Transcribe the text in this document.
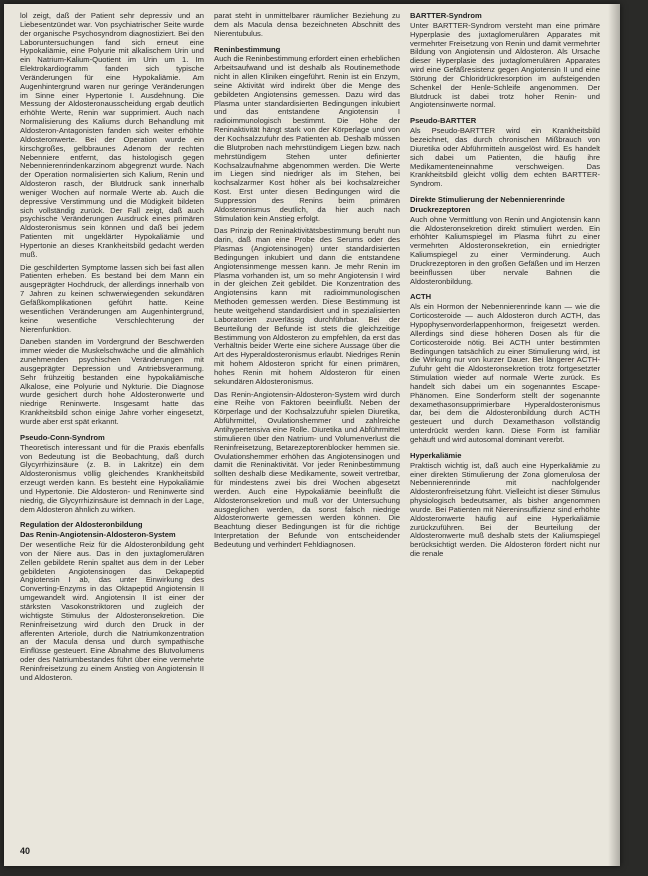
lol zeigt, daß der Patient sehr depressiv und an Liebesentzündet war. Von psychiatrischer Seite wurde der organische Psychosyndrom diagnostiziert. Bei den Laboruntersuchungen fand sich erneut eine Hypokaliämie, eine Polyurie mit alkalischem Urin und ein Natrium-Kalium-Quotient im Urin um 1. Im Elektrokardiogramm fanden sich typische Veränderungen für eine Hypokaliämie. Am Augenhintergrund waren nur geringe Veränderungen im Sinne einer Hypertonie I. Ausdehnung. Die Messung der Aldosteronausscheidung ergab deutlich erhöhte Werte, Renin war supprimiert. Auch nach Normalisierung des Kaliums durch Behandlung mit Aldosteron-Antagonisten fanden sich weiter erhöhte Aldosteronwerte. Bei der Operation wurde ein kirschgroßes, gelbbraunes Adenom der rechten Nebenniere entfernt, das histologisch gegen Nebennierenrindenkarzinom abgegrenzt wurde. Nach der Operation normalisierten sich Kalium, Renin und Aldosteron rasch, der Blutdruck sank innerhalb weniger Wochen auf normale Werte ab. Auch die depressive Verstimmung und die Müdigkeit bildeten sich vollständig zurück. Der Fall zeigt, daß auch psychische Veränderungen Ausdruck eines primären Aldosteronismus sein können und daß bei jedem Patienten mit ungeklärter Hypokaliämie und Hypertonie an dieses Krankheitsbild gedacht werden muß.

Die geschilderten Symptome lassen sich bei fast allen Patienten erheben. Es bestand bei dem Mann ein ausgeprägter Hochdruck, der allerdings innerhalb von 7 Jahren zu keinen schwerwiegenden sekundären Gefäßkomplikationen geführt hatte. Keine wesentlichen Veränderungen am Augenhintergrund, keine wesentliche Verschlechterung der Nierenfunktion.

Daneben standen im Vordergrund der Beschwerden immer wieder die Muskelschwäche und die allmählich zunehmenden psychischen Veränderungen mit ausgeprägter Depression und Antriebsverarmung. Sehr frühzeitig bestanden eine hypokaliämische Alkalose, eine Polyurie und Nykturie. Die Diagnose wurde gesichert durch hohe Aldosteronwerte und niedrige Reninwerte. Insgesamt hatte das Krankheitsbild schon einige Jahre vorher eingesetzt, wurde aber erst spät erkannt.

Pseudo-Conn-Syndrom

Theoretisch interessant und für die Praxis ebenfalls von Bedeutung ist die Beobachtung, daß durch Glycyrrhizinsäure (z. B. in Lakritze) ein dem Aldosteronismus völlig gleichendes Krankheitsbild erzeugt werden kann. Es besteht eine Hypokaliämie und Hypertonie. Die Aldosteron- und Reninwerte sind niedrig, die Glycyrrhizinsäure ist demnach in der Lage, dem Aldosteron ähnlich zu wirken.

Regulation der Aldosteronbildung
Das Renin-Angiotensin-Aldosteron-System

Der wesentliche Reiz für die Aldosteronbildung geht von der Niere aus. Das in den juxtaglomerulären Zellen gebildete Renin spaltet aus dem in der Leber gebildeten Angiotensinogen das Dekapeptid Angiotensin I ab, das unter Einwirkung des Converting-Enzyms in das Oktapeptid Angiotensin II umgewandelt wird. Angiotensin II ist einer der stärksten Vasokonstriktoren und zugleich der wichtigste Stimulus der Aldosteronsekretion. Die Reninfreisetzung wird durch den Druck in der afferenten Arteriole, durch die Natriumkonzentration an der Macula densa und durch sympathische Einflüsse gesteuert. Eine Abnahme des Blutvolumens oder des Natriumbestandes führt über eine vermehrte Reninfreisetzung zu einem Anstieg von Angiotensin II und Aldosteron.

parat steht in unmittelbarer räumlicher Beziehung zu dem als Macula densa bezeichneten Abschnitt des Nierentubulus.

Reninbestimmung

Auch die Reninbestimmung erfordert einen erheblichen Arbeitsaufwand und ist deshalb als Routinemethode nicht in allen Kliniken eingeführt. Renin ist ein Enzym, seine Aktivität wird indirekt über die Menge des gebildeten Angiotensins gemessen. Dazu wird das Plasma unter standardisierten Bedingungen inkubiert und das entstandene Angiotensin I radioimmunologisch bestimmt. Die Höhe der Reninaktivität hängt stark von der Körperlage und von der Kochsalzzufuhr des Patienten ab. Deshalb müssen die Blutproben nach mehrstündigem Liegen bzw. nach mehrstündigem Stehen unter definierter Kochsalzaufnahme abgenommen werden. Die Werte im Liegen sind niedriger als im Stehen, bei kochsalzarmer Kost höher als bei kochsalzreicher Kost. Erst unter diesen Bedingungen wird die Suppression des Renins beim primären Aldosteronismus deutlich, da hier auch nach Stimulation kein Anstieg erfolgt.

Das Prinzip der Reninaktivitätsbestimmung beruht nun darin, daß man eine Probe des Serums oder des Plasmas (Angiotensinogen) unter standardisierten Bedingungen inkubiert und dann die entstandene Angiotensinmenge messen kann. Je mehr Renin im Plasma vorhanden ist, um so mehr Angiotensin I wird in der gleichen Zeit gebildet. Die Konzentration des Angiotensins kann mit radioimmunologischen Methoden gemessen werden. Diese Bestimmung ist heute weitgehend standardisiert und in spezialisierten Laboratorien zuverlässig durchführbar. Bei der Beurteilung der Befunde ist stets die gleichzeitige Bestimmung von Aldosteron zu empfehlen, da erst das Verhältnis beider Werte eine sichere Aussage über die Art des Hyperaldosteronismus erlaubt. Niedriges Renin mit hohem Aldosteron spricht für einen primären, hohes Renin mit hohem Aldosteron für einen sekundären Aldosteronismus.

Das Renin-Angiotensin-Aldosteron-System wird durch eine Reihe von Faktoren beeinflußt. Neben der Körperlage und der Kochsalzzufuhr spielen Diuretika, Abführmittel, Ovulationshemmer und zahlreiche Antihypertensiva eine Rolle. Diuretika und Abführmittel stimulieren über den Natrium- und Volumenverlust die Reninfreisetzung, Betarezeptorenblocker hemmen sie. Ovulationshemmer erhöhen das Angiotensinogen und damit die Reninaktivität. Vor jeder Reninbestimmung sollten deshalb diese Medikamente, soweit vertretbar, für mindestens zwei bis drei Wochen abgesetzt werden. Auch eine Hypokaliämie beeinflußt die Aldosteronsekretion und muß vor der Untersuchung ausgeglichen werden, da sonst falsch niedrige Aldosteronwerte gemessen werden können. Die Beachtung dieser Bedingungen ist für die richtige Interpretation der Befunde von entscheidender Bedeutung und verhindert Fehldiagnosen.

BARTTER-Syndrom

Unter BARTTER-Syndrom versteht man eine primäre Hyperplasie des juxtaglomerulären Apparates mit vermehrter Freisetzung von Renin und damit vermehrter Bildung von Angiotensin und Aldosteron. Als Ursache dieser Hyperplasie des juxtaglomerulären Apparates wird eine Gefäßresistenz gegen Angiotensin II und eine Störung der Chloridrückresorption im aufsteigenden Schenkel der Henle-Schleife angenommen. Der Blutdruck ist dabei trotz hoher Renin- und Angiotensinwerte normal.

Pseudo-BARTTER

Als Pseudo-BARTTER wird ein Krankheitsbild bezeichnet, das durch chronischen Mißbrauch von Diuretika oder Abführmitteln ausgelöst wird. Es handelt sich dabei um Patienten, die häufig ihre Medikamenteneinnahme verschweigen. Das Krankheitsbild gleicht völlig dem echten BARTTER-Syndrom.

Direkte Stimulierung der Nebennierenrinde
Druckrezeptoren

Auch ohne Vermittlung von Renin und Angiotensin kann die Aldosteronsekretion direkt stimuliert werden. Ein erhöhter Kaliumspiegel im Plasma führt zu einer vermehrten Aldosteronsekretion, ein erniedrigter Kaliumspiegel zu einer Verminderung. Auch Druckrezeptoren in den großen Gefäßen und im Herzen beeinflussen über nervale Bahnen die Aldosteronbildung.

ACTH

Als ein Hormon der Nebennierenrinde kann — wie die Corticosteroide — auch Aldosteron durch ACTH, das Hypophysenvorderlappenhormon, freigesetzt werden. Allerdings sind diese höheren Dosen als für die Corticosteroide nötig. Bei ACTH unter bestimmten Bedingungen tatsächlich zu einer Stimulierung wird, ist die Wirkung nur von kurzer Dauer. Bei längerer ACTH-Zufuhr geht die Aldosteronsekretion trotz fortgesetzter Stimulation wieder auf normale Werte zurück. Es handelt sich dabei um ein sogenanntes Escape-Phänomen. Eine Sonderform stellt der sogenannte dexamethasonsupprimierbare Hyperaldosteronismus dar, bei dem die Aldosteronbildung durch ACTH gesteuert und durch Dexamethason vollständig unterdrückt werden kann. Diese Form ist familiär gehäuft und wird autosomal dominant vererbt.

Hyperkaliämie

Praktisch wichtig ist, daß auch eine Hyperkaliämie zu einer direkten Stimulierung der Zona glomerulosa der Nebennierenrinde mit nachfolgender Aldosteronfreisetzung führt. Vielleicht ist dieser Stimulus physiologisch bedeutsamer, als bisher angenommen wurde. Bei Patienten mit Niereninsuffizienz sind erhöhte Aldosteronwerte häufig auf eine Hyperkaliämie zurückzuführen. Bei der Beurteilung der Aldosteronwerte muß deshalb stets der Kaliumspiegel berücksichtigt werden. Die Aldosteron fördert nicht nur die renale

40
